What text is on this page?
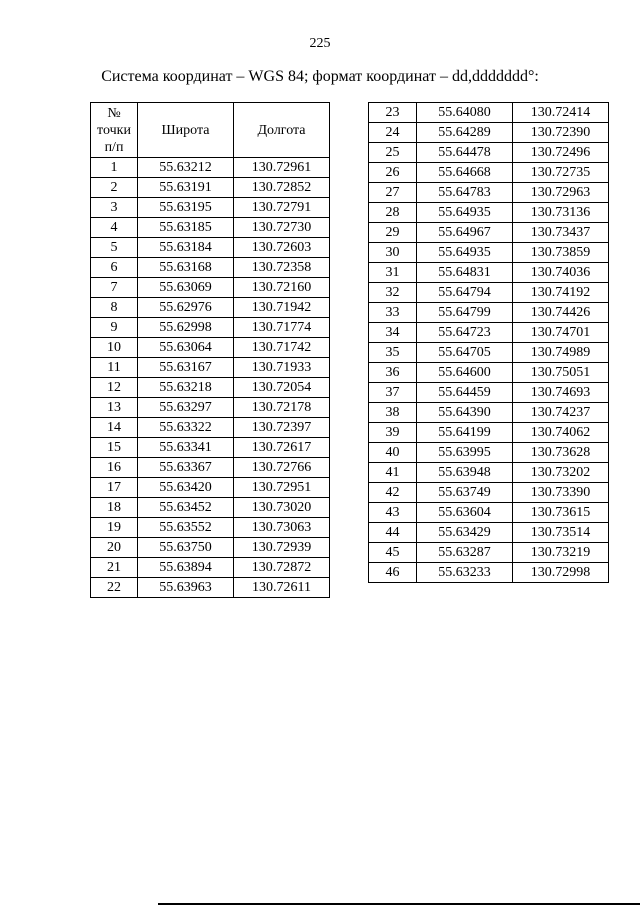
225
Система координат – WGS 84; формат координат – dd,ddddddd°:
№
точки
п/п	Широта	Долгота
1	55.63212	130.72961
2	55.63191	130.72852
3	55.63195	130.72791
4	55.63185	130.72730
5	55.63184	130.72603
6	55.63168	130.72358
7	55.63069	130.72160
8	55.62976	130.71942
9	55.62998	130.71774
10	55.63064	130.71742
11	55.63167	130.71933
12	55.63218	130.72054
13	55.63297	130.72178
14	55.63322	130.72397
15	55.63341	130.72617
16	55.63367	130.72766
17	55.63420	130.72951
18	55.63452	130.73020
19	55.63552	130.73063
20	55.63750	130.72939
21	55.63894	130.72872
22	55.63963	130.72611
23	55.64080	130.72414
24	55.64289	130.72390
25	55.64478	130.72496
26	55.64668	130.72735
27	55.64783	130.72963
28	55.64935	130.73136
29	55.64967	130.73437
30	55.64935	130.73859
31	55.64831	130.74036
32	55.64794	130.74192
33	55.64799	130.74426
34	55.64723	130.74701
35	55.64705	130.74989
36	55.64600	130.75051
37	55.64459	130.74693
38	55.64390	130.74237
39	55.64199	130.74062
40	55.63995	130.73628
41	55.63948	130.73202
42	55.63749	130.73390
43	55.63604	130.73615
44	55.63429	130.73514
45	55.63287	130.73219
46	55.63233	130.72998
